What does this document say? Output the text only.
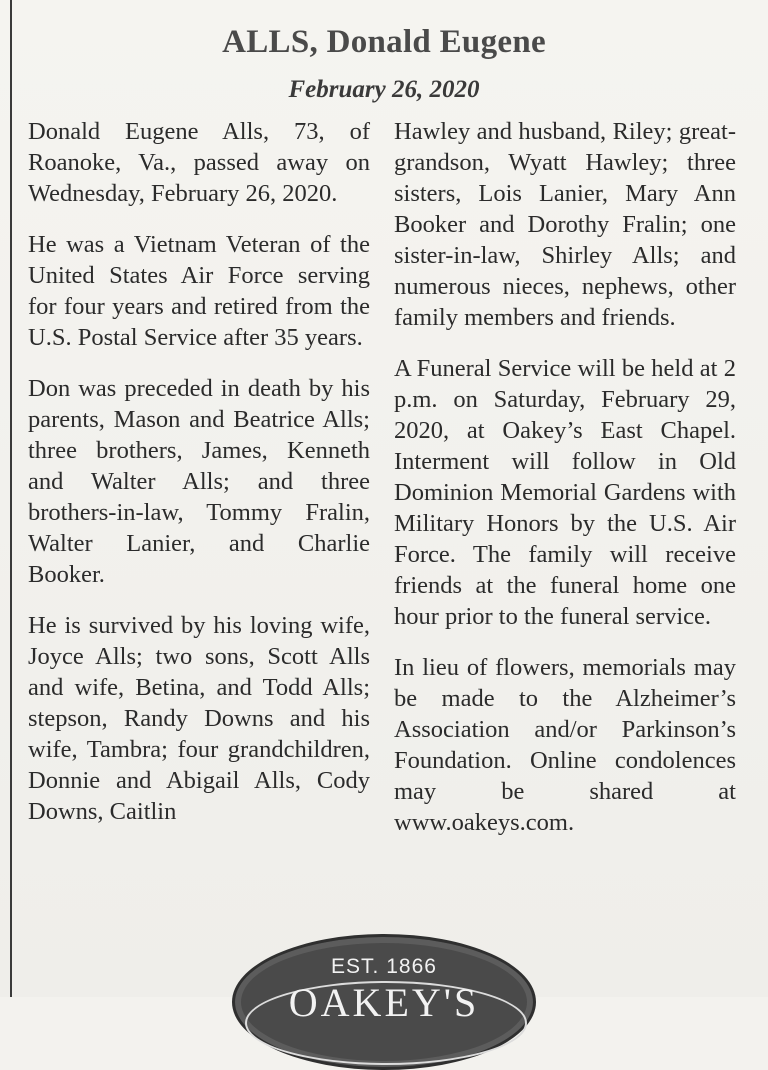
ALLS, Donald Eugene
February 26, 2020

Donald Eugene Alls, 73, of Roanoke, Va., passed away on Wednesday, February 26, 2020.

He was a Vietnam Veteran of the United States Air Force serving for four years and retired from the U.S. Postal Service after 35 years.

Don was preceded in death by his parents, Mason and Beatrice Alls; three brothers, James, Kenneth and Walter Alls; and three brothers-in-law, Tommy Fralin, Walter Lanier, and Charlie Booker.

He is survived by his loving wife, Joyce Alls; two sons, Scott Alls and wife, Betina, and Todd Alls; stepson, Randy Downs and his wife, Tambra; four grandchildren, Donnie and Abigail Alls, Cody Downs, Caitlin

Hawley and husband, Riley; great-grandson, Wyatt Hawley; three sisters, Lois Lanier, Mary Ann Booker and Dorothy Fralin; one sister-in-law, Shirley Alls; and numerous nieces, nephews, other family members and friends.

A Funeral Service will be held at 2 p.m. on Saturday, February 29, 2020, at Oakey’s East Chapel. Interment will follow in Old Dominion Memorial Gardens with Military Honors by the U.S. Air Force. The family will receive friends at the funeral home one hour prior to the funeral service.

In lieu of flowers, memorials may be made to the Alzheimer’s Association and/or Parkinson’s Foundation. Online condolences may be shared at www.oakeys.com.

EST. 1866
OAKEY'S
